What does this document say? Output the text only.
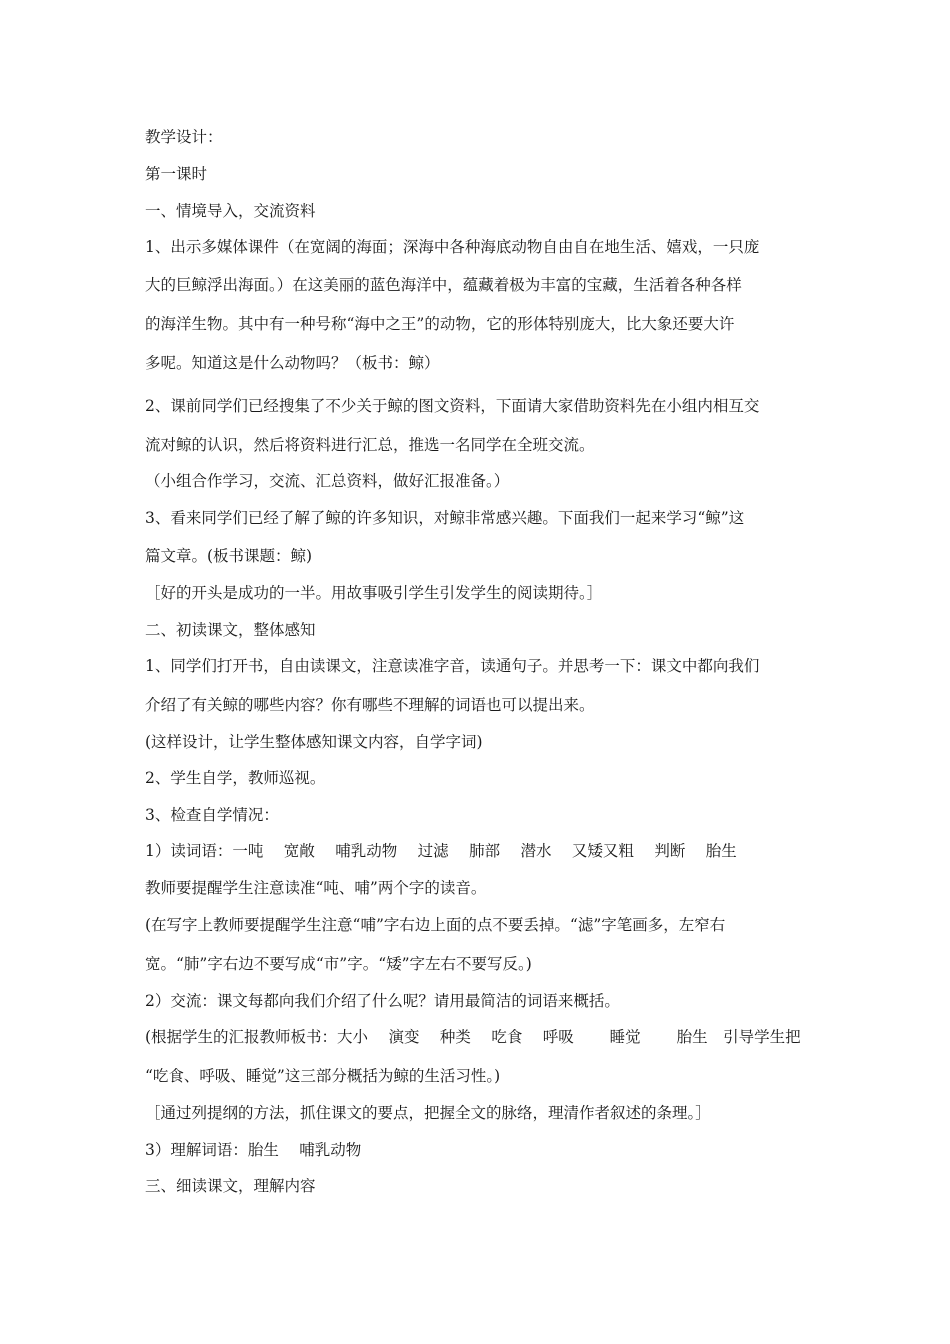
教学设计：
第一课时
一、情境导入，交流资料
1、出示多媒体课件（在宽阔的海面；深海中各种海底动物自由自在地生活、嬉戏，一只庞
大的巨鲸浮出海面。）在这美丽的蓝色海洋中，蕴藏着极为丰富的宝藏，生活着各种各样
的海洋生物。其中有一种号称“海中之王”的动物，它的形体特别庞大，比大象还要大许
多呢。知道这是什么动物吗？（板书：鲸）
2、课前同学们已经搜集了不少关于鲸的图文资料，下面请大家借助资料先在小组内相互交
流对鲸的认识，然后将资料进行汇总，推选一名同学在全班交流。
（小组合作学习，交流、汇总资料，做好汇报准备。）
3、看来同学们已经了解了鲸的许多知识，对鲸非常感兴趣。下面我们一起来学习“鲸”这
篇文章。(板书课题：鲸)
［好的开头是成功的一半。用故事吸引学生引发学生的阅读期待。］
二、初读课文，整体感知
1、同学们打开书，自由读课文，注意读准字音，读通句子。并思考一下：课文中都向我们
介绍了有关鲸的哪些内容？你有哪些不理解的词语也可以提出来。
(这样设计，让学生整体感知课文内容，自学字词)
2、学生自学，教师巡视。
3、检查自学情况：
1）读词语：一吨　 宽敞　 哺乳动物　 过滤　 肺部　 潜水　 又矮又粗　 判断　 胎生
教师要提醒学生注意读准“吨、哺”两个字的读音。
(在写字上教师要提醒学生注意“哺”字右边上面的点不要丢掉。“滤”字笔画多，左窄右
宽。“肺”字右边不要写成“市”字。“矮”字左右不要写反。)
2）交流：课文每都向我们介绍了什么呢？请用最简洁的词语来概括。
(根据学生的汇报教师板书：大小　 演变　 种类　 吃食　 呼吸　　 睡觉　　 胎生　引导学生把
“吃食、呼吸、睡觉”这三部分概括为鲸的生活习性。)
［通过列提纲的方法，抓住课文的要点，把握全文的脉络，理清作者叙述的条理。］
3）理解词语：胎生　 哺乳动物
三、细读课文，理解内容
